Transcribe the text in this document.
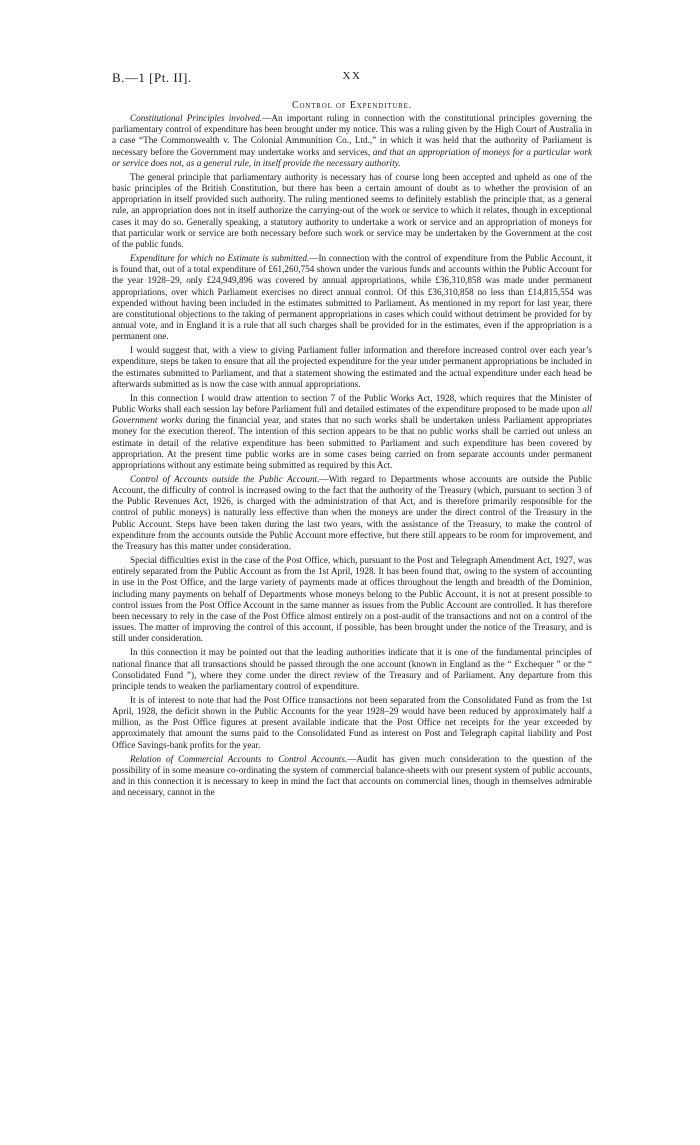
B.—1 [Pt. II].	XX
Control of Expenditure.

Constitutional Principles involved.—An important ruling in connection with the constitutional principles governing the parliamentary control of expenditure has been brought under my notice. This was a ruling given by the High Court of Australia in a case “The Commonwealth v. The Colonial Ammunition Co., Ltd.,” in which it was held that the authority of Parliament is necessary before the Government may undertake works and services, and that an appropriation of moneys for a particular work or service does not, as a general rule, in itself provide the necessary authority.

The general principle that parliamentary authority is necessary has of course long been accepted and upheld as one of the basic principles of the British Constitution, but there has been a certain amount of doubt as to whether the provision of an appropriation in itself provided such authority. The ruling mentioned seems to definitely establish the principle that, as a general rule, an appropriation does not in itself authorize the carrying-out of the work or service to which it relates, though in exceptional cases it may do so. Generally speaking, a statutory authority to undertake a work or service and an appropriation of moneys for that particular work or service are both necessary before such work or service may be undertaken by the Government at the cost of the public funds.

Expenditure for which no Estimate is submitted.—In connection with the control of expenditure from the Public Account, it is found that, out of a total expenditure of £61,260,754 shown under the various funds and accounts within the Public Account for the year 1928–29, only £24,949,896 was covered by annual appropriations, while £36,310,858 was made under permanent appropriations, over which Parliament exercises no direct annual control. Of this £36,310,858 no less than £14,815,554 was expended without having been included in the estimates submitted to Parliament. As mentioned in my report for last year, there are constitutional objections to the taking of permanent appropriations in cases which could without detriment be provided for by annual vote, and in England it is a rule that all such charges shall be provided for in the estimates, even if the appropriation is a permanent one.

I would suggest that, with a view to giving Parliament fuller information and therefore increased control over each year’s expenditure, steps be taken to ensure that all the projected expenditure for the year under permanent appropriations be included in the estimates submitted to Parliament, and that a statement showing the estimated and the actual expenditure under each head be afterwards submitted as is now the case with annual appropriations.

In this connection I would draw attention to section 7 of the Public Works Act, 1928, which requires that the Minister of Public Works shall each session lay before Parliament full and detailed estimates of the expenditure proposed to be made upon all Government works during the financial year, and states that no such works shall be undertaken unless Parliament appropriates money for the execution thereof. The intention of this section appears to be that no public works shall be carried out unless an estimate in detail of the relative expenditure has been submitted to Parliament and such expenditure has been covered by appropriation. At the present time public works are in some cases being carried on from separate accounts under permanent appropriations without any estimate being submitted as required by this Act.

Control of Accounts outside the Public Account.—With regard to Departments whose accounts are outside the Public Account, the difficulty of control is increased owing to the fact that the authority of the Treasury (which, pursuant to section 3 of the Public Revenues Act, 1926, is charged with the administration of that Act, and is therefore primarily responsible for the control of public moneys) is naturally less effective than when the moneys are under the direct control of the Treasury in the Public Account. Steps have been taken during the last two years, with the assistance of the Treasury, to make the control of expenditure from the accounts outside the Public Account more effective, but there still appears to be room for improvement, and the Treasury has this matter under consideration.

Special difficulties exist in the case of the Post Office, which, pursuant to the Post and Telegraph Amendment Act, 1927, was entirely separated from the Public Account as from the 1st April, 1928. It has been found that, owing to the system of accounting in use in the Post Office, and the large variety of payments made at offices throughout the length and breadth of the Dominion, including many payments on behalf of Departments whose moneys belong to the Public Account, it is not at present possible to control issues from the Post Office Account in the same manner as issues from the Public Account are controlled. It has therefore been necessary to rely in the case of the Post Office almost entirely on a post-audit of the transactions and not on a control of the issues. The matter of improving the control of this account, if possible, has been brought under the notice of the Treasury, and is still under consideration.

In this connection it may be pointed out that the leading authorities indicate that it is one of the fundamental principles of national finance that all transactions should be passed through the one account (known in England as the “ Exchequer ” or the “ Consolidated Fund ”), where they come under the direct review of the Treasury and of Parliament. Any departure from this principle tends to weaken the parliamentary control of expenditure.

It is of interest to note that had the Post Office transactions not been separated from the Consolidated Fund as from the 1st April, 1928, the deficit shown in the Public Accounts for the year 1928–29 would have been reduced by approximately half a million, as the Post Office figures at present available indicate that the Post Office net receipts for the year exceeded by approximately that amount the sums paid to the Consolidated Fund as interest on Post and Telegraph capital liability and Post Office Savings-bank profits for the year.

Relation of Commercial Accounts to Control Accounts.—Audit has given much consideration to the question of the possibility of in some measure co-ordinating the system of commercial balance-sheets with our present system of public accounts, and in this connection it is necessary to keep in mind the fact that accounts on commercial lines, though in themselves admirable and necessary, cannot in the
